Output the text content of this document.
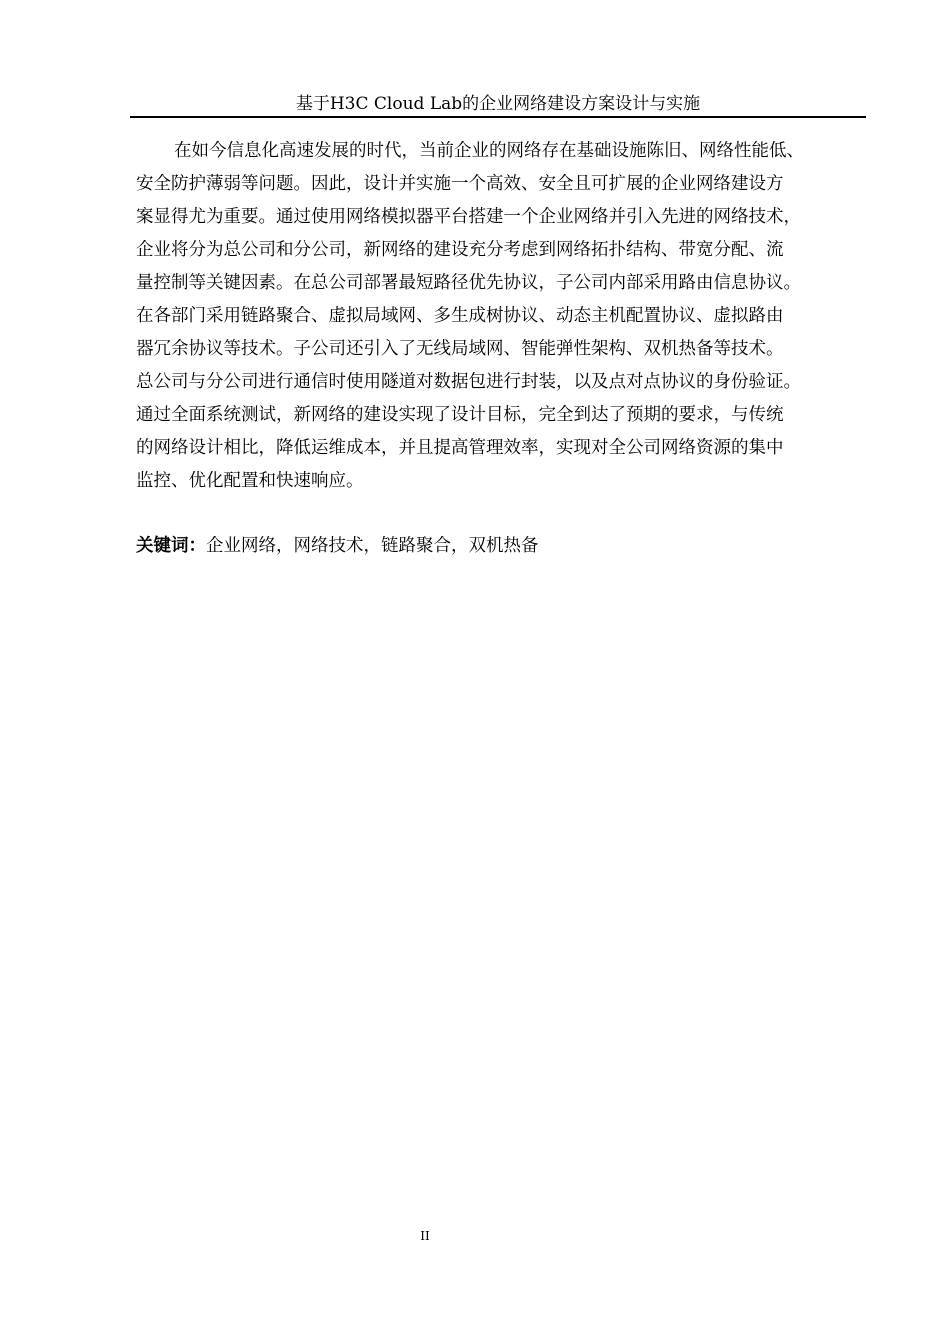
基于H3C Cloud Lab的企业网络建设方案设计与实施
在如今信息化高速发展的时代，当前企业的网络存在基础设施陈旧、网络性能低、
安全防护薄弱等问题。因此，设计并实施一个高效、安全且可扩展的企业网络建设方
案显得尤为重要。通过使用网络模拟器平台搭建一个企业网络并引入先进的网络技术，
企业将分为总公司和分公司，新网络的建设充分考虑到网络拓扑结构、带宽分配、流
量控制等关键因素。在总公司部署最短路径优先协议，子公司内部采用路由信息协议。
在各部门采用链路聚合、虚拟局域网、多生成树协议、动态主机配置协议、虚拟路由
器冗余协议等技术。子公司还引入了无线局域网、智能弹性架构、双机热备等技术。
总公司与分公司进行通信时使用隧道对数据包进行封装，以及点对点协议的身份验证。
通过全面系统测试，新网络的建设实现了设计目标，完全到达了预期的要求，与传统
的网络设计相比，降低运维成本，并且提高管理效率，实现对全公司网络资源的集中
监控、优化配置和快速响应。
关键词：企业网络，网络技术，链路聚合，双机热备
II
